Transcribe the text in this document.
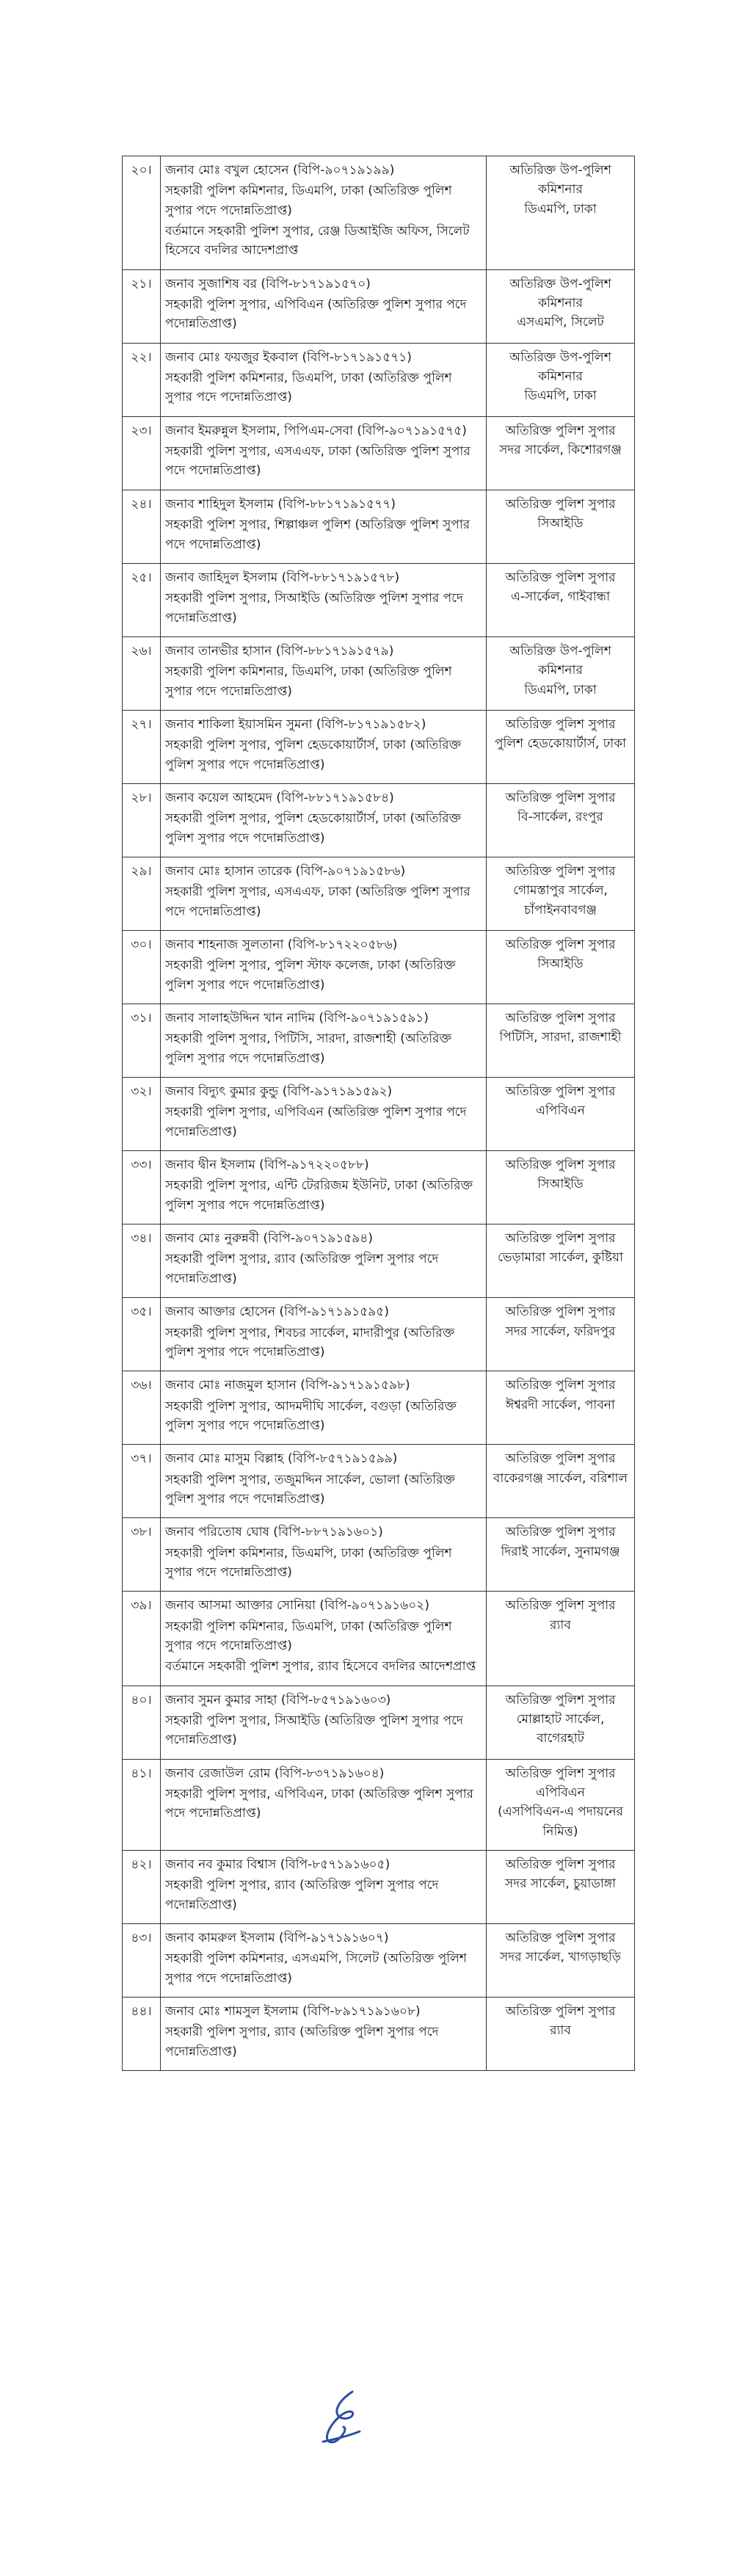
২০।	জনাব মোঃ বখুল হোসেন (বিপি-৯০৭১৯১৯৯)
সহকারী পুলিশ কমিশনার, ডিএমপি, ঢাকা (অতিরিক্ত পুলিশ সুপার পদে পদোন্নতিপ্রাপ্ত)
বর্তমানে সহকারী পুলিশ সুপার, রেঞ্জ ডিআইজি অফিস, সিলেট হিসেবে বদলির আদেশপ্রাপ্ত	অতিরিক্ত উপ-পুলিশ কমিশনার
ডিএমপি, ঢাকা

২১।	জনাব সুজাশিষ বর (বিপি-৮১৭১৯১৫৭০)
সহকারী পুলিশ সুপার, এপিবিএন (অতিরিক্ত পুলিশ সুপার পদে পদোন্নতিপ্রাপ্ত)	অতিরিক্ত উপ-পুলিশ কমিশনার
এসএমপি, সিলেট

২২।	জনাব মোঃ ফয়জুর ইকবাল (বিপি-৮১৭১৯১৫৭১)
সহকারী পুলিশ কমিশনার, ডিএমপি, ঢাকা (অতিরিক্ত পুলিশ সুপার পদে পদোন্নতিপ্রাপ্ত)	অতিরিক্ত উপ-পুলিশ কমিশনার
ডিএমপি, ঢাকা

২৩।	জনাব ইমরুন্নুল ইসলাম, পিপিএম-সেবা (বিপি-৯০৭১৯১৫৭৫)
সহকারী পুলিশ সুপার, এসএএফ, ঢাকা (অতিরিক্ত পুলিশ সুপার পদে পদোন্নতিপ্রাপ্ত)	অতিরিক্ত পুলিশ সুপার
সদর সার্কেল, কিশোরগঞ্জ

২৪।	জনাব শাহিদুল ইসলাম (বিপি-৮৮১৭১৯১৫৭৭)
সহকারী পুলিশ সুপার, শিল্পাঞ্চল পুলিশ (অতিরিক্ত পুলিশ সুপার পদে পদোন্নতিপ্রাপ্ত)	অতিরিক্ত পুলিশ সুপার
সিআইডি

২৫।	জনাব জাহিদুল ইসলাম (বিপি-৮৮১৭১৯১৫৭৮)
সহকারী পুলিশ সুপার, সিআইডি (অতিরিক্ত পুলিশ সুপার পদে পদোন্নতিপ্রাপ্ত)	অতিরিক্ত পুলিশ সুপার
এ-সার্কেল, গাইবান্ধা

২৬।	জনাব তানভীর হাসান (বিপি-৮৮১৭১৯১৫৭৯)
সহকারী পুলিশ কমিশনার, ডিএমপি, ঢাকা (অতিরিক্ত পুলিশ সুপার পদে পদোন্নতিপ্রাপ্ত)	অতিরিক্ত উপ-পুলিশ কমিশনার
ডিএমপি, ঢাকা

২৭।	জনাব শাকিলা ইয়াসমিন সুমনা (বিপি-৮১৭১৯১৫৮২)
সহকারী পুলিশ সুপার, পুলিশ হেডকোয়ার্টার্স, ঢাকা (অতিরিক্ত পুলিশ সুপার পদে পদোন্নতিপ্রাপ্ত)	অতিরিক্ত পুলিশ সুপার
পুলিশ হেডকোয়ার্টার্স, ঢাকা

২৮।	জনাব কয়েল আহমেদ (বিপি-৮৮১৭১৯১৫৮৪)
সহকারী পুলিশ সুপার, পুলিশ হেডকোয়ার্টার্স, ঢাকা (অতিরিক্ত পুলিশ সুপার পদে পদোন্নতিপ্রাপ্ত)	অতিরিক্ত পুলিশ সুপার
বি-সার্কেল, রংপুর

২৯।	জনাব মোঃ হাসান তারেক (বিপি-৯০৭১৯১৫৮৬)
সহকারী পুলিশ সুপার, এসএএফ, ঢাকা (অতিরিক্ত পুলিশ সুপার পদে পদোন্নতিপ্রাপ্ত)	অতিরিক্ত পুলিশ সুপার
গোমস্তাপুর সার্কেল, চাঁপাইনবাবগঞ্জ

৩০।	জনাব শাহনাজ সুলতানা (বিপি-৮১৭২২০৫৮৬)
সহকারী পুলিশ সুপার, পুলিশ স্টাফ কলেজ, ঢাকা (অতিরিক্ত পুলিশ সুপার পদে পদোন্নতিপ্রাপ্ত)	অতিরিক্ত পুলিশ সুপার
সিআইডি

৩১।	জনাব সালাহউদ্দিন খান নাদিম (বিপি-৯০৭১৯১৫৯১)
সহকারী পুলিশ সুপার, পিটিসি, সারদা, রাজশাহী (অতিরিক্ত পুলিশ সুপার পদে পদোন্নতিপ্রাপ্ত)	অতিরিক্ত পুলিশ সুপার
পিটিসি, সারদা, রাজশাহী

৩২।	জনাব বিদ্যুৎ কুমার কুন্ডু (বিপি-৯১৭১৯১৫৯২)
সহকারী পুলিশ সুপার, এপিবিএন (অতিরিক্ত পুলিশ সুপার পদে পদোন্নতিপ্রাপ্ত)	অতিরিক্ত পুলিশ সুপার
এপিবিএন

৩৩।	জনাব দ্বীন ইসলাম (বিপি-৯১৭২২০৫৮৮)
সহকারী পুলিশ সুপার, এন্টি টেররিজম ইউনিট, ঢাকা (অতিরিক্ত পুলিশ সুপার পদে পদোন্নতিপ্রাপ্ত)	অতিরিক্ত পুলিশ সুপার
সিআইডি

৩৪।	জনাব মোঃ নুরুন্নবী (বিপি-৯০৭১৯১৫৯৪)
সহকারী পুলিশ সুপার, র‍্যাব (অতিরিক্ত পুলিশ সুপার পদে পদোন্নতিপ্রাপ্ত)	অতিরিক্ত পুলিশ সুপার
ভেড়ামারা সার্কেল, কুষ্টিয়া

৩৫।	জনাব আক্তার হোসেন (বিপি-৯১৭১৯১৫৯৫)
সহকারী পুলিশ সুপার, শিবচর সার্কেল, মাদারীপুর (অতিরিক্ত পুলিশ সুপার পদে পদোন্নতিপ্রাপ্ত)	অতিরিক্ত পুলিশ সুপার
সদর সার্কেল, ফরিদপুর

৩৬।	জনাব মোঃ নাজমুল হাসান (বিপি-৯১৭১৯১৫৯৮)
সহকারী পুলিশ সুপার, আদমদীঘি সার্কেল, বগুড়া (অতিরিক্ত পুলিশ সুপার পদে পদোন্নতিপ্রাপ্ত)	অতিরিক্ত পুলিশ সুপার
ঈশ্বরদী সার্কেল, পাবনা

৩৭।	জনাব মোঃ মাসুম বিল্লাহ (বিপি-৮৫৭১৯১৫৯৯)
সহকারী পুলিশ সুপার, তজুমদ্দিন সার্কেল, ভোলা (অতিরিক্ত পুলিশ সুপার পদে পদোন্নতিপ্রাপ্ত)	অতিরিক্ত পুলিশ সুপার
বাকেরগঞ্জ সার্কেল, বরিশাল

৩৮।	জনাব পরিতোষ ঘোষ (বিপি-৮৮৭১৯১৬০১)
সহকারী পুলিশ কমিশনার, ডিএমপি, ঢাকা (অতিরিক্ত পুলিশ সুপার পদে পদোন্নতিপ্রাপ্ত)	অতিরিক্ত পুলিশ সুপার
দিরাই সার্কেল, সুনামগঞ্জ

৩৯।	জনাব আসমা আক্তার সোনিয়া (বিপি-৯০৭১৯১৬০২)
সহকারী পুলিশ কমিশনার, ডিএমপি, ঢাকা (অতিরিক্ত পুলিশ সুপার পদে পদোন্নতিপ্রাপ্ত)
বর্তমানে সহকারী পুলিশ সুপার, র‍্যাব হিসেবে বদলির আদেশপ্রাপ্ত	অতিরিক্ত পুলিশ সুপার
র‍্যাব

৪০।	জনাব সুমন কুমার সাহা (বিপি-৮৫৭১৯১৬০৩)
সহকারী পুলিশ সুপার, সিআইডি (অতিরিক্ত পুলিশ সুপার পদে পদোন্নতিপ্রাপ্ত)	অতিরিক্ত পুলিশ সুপার
মোল্লাহাট সার্কেল, বাগেরহাট

৪১।	জনাব রেজাউল রোম (বিপি-৮৩৭১৯১৬০৪)
সহকারী পুলিশ সুপার, এপিবিএন, ঢাকা (অতিরিক্ত পুলিশ সুপার পদে পদোন্নতিপ্রাপ্ত)	অতিরিক্ত পুলিশ সুপার
এপিবিএন
(এসপিবিএন-এ পদায়নের নিমিত্ত)

৪২।	জনাব নব কুমার বিশ্বাস (বিপি-৮৫৭১৯১৬০৫)
সহকারী পুলিশ সুপার, র‍্যাব (অতিরিক্ত পুলিশ সুপার পদে পদোন্নতিপ্রাপ্ত)	অতিরিক্ত পুলিশ সুপার
সদর সার্কেল, চুয়াডাঙ্গা

৪৩।	জনাব কামরুল ইসলাম (বিপি-৯১৭১৯১৬০৭)
সহকারী পুলিশ কমিশনার, এসএমপি, সিলেট (অতিরিক্ত পুলিশ সুপার পদে পদোন্নতিপ্রাপ্ত)	অতিরিক্ত পুলিশ সুপার
সদর সার্কেল, খাগড়াছড়ি

৪৪।	জনাব মোঃ শামসুল ইসলাম (বিপি-৮৯১৭১৯১৬০৮)
সহকারী পুলিশ সুপার, র‍্যাব (অতিরিক্ত পুলিশ সুপার পদে পদোন্নতিপ্রাপ্ত)	অতিরিক্ত পুলিশ সুপার
র‍্যাব
